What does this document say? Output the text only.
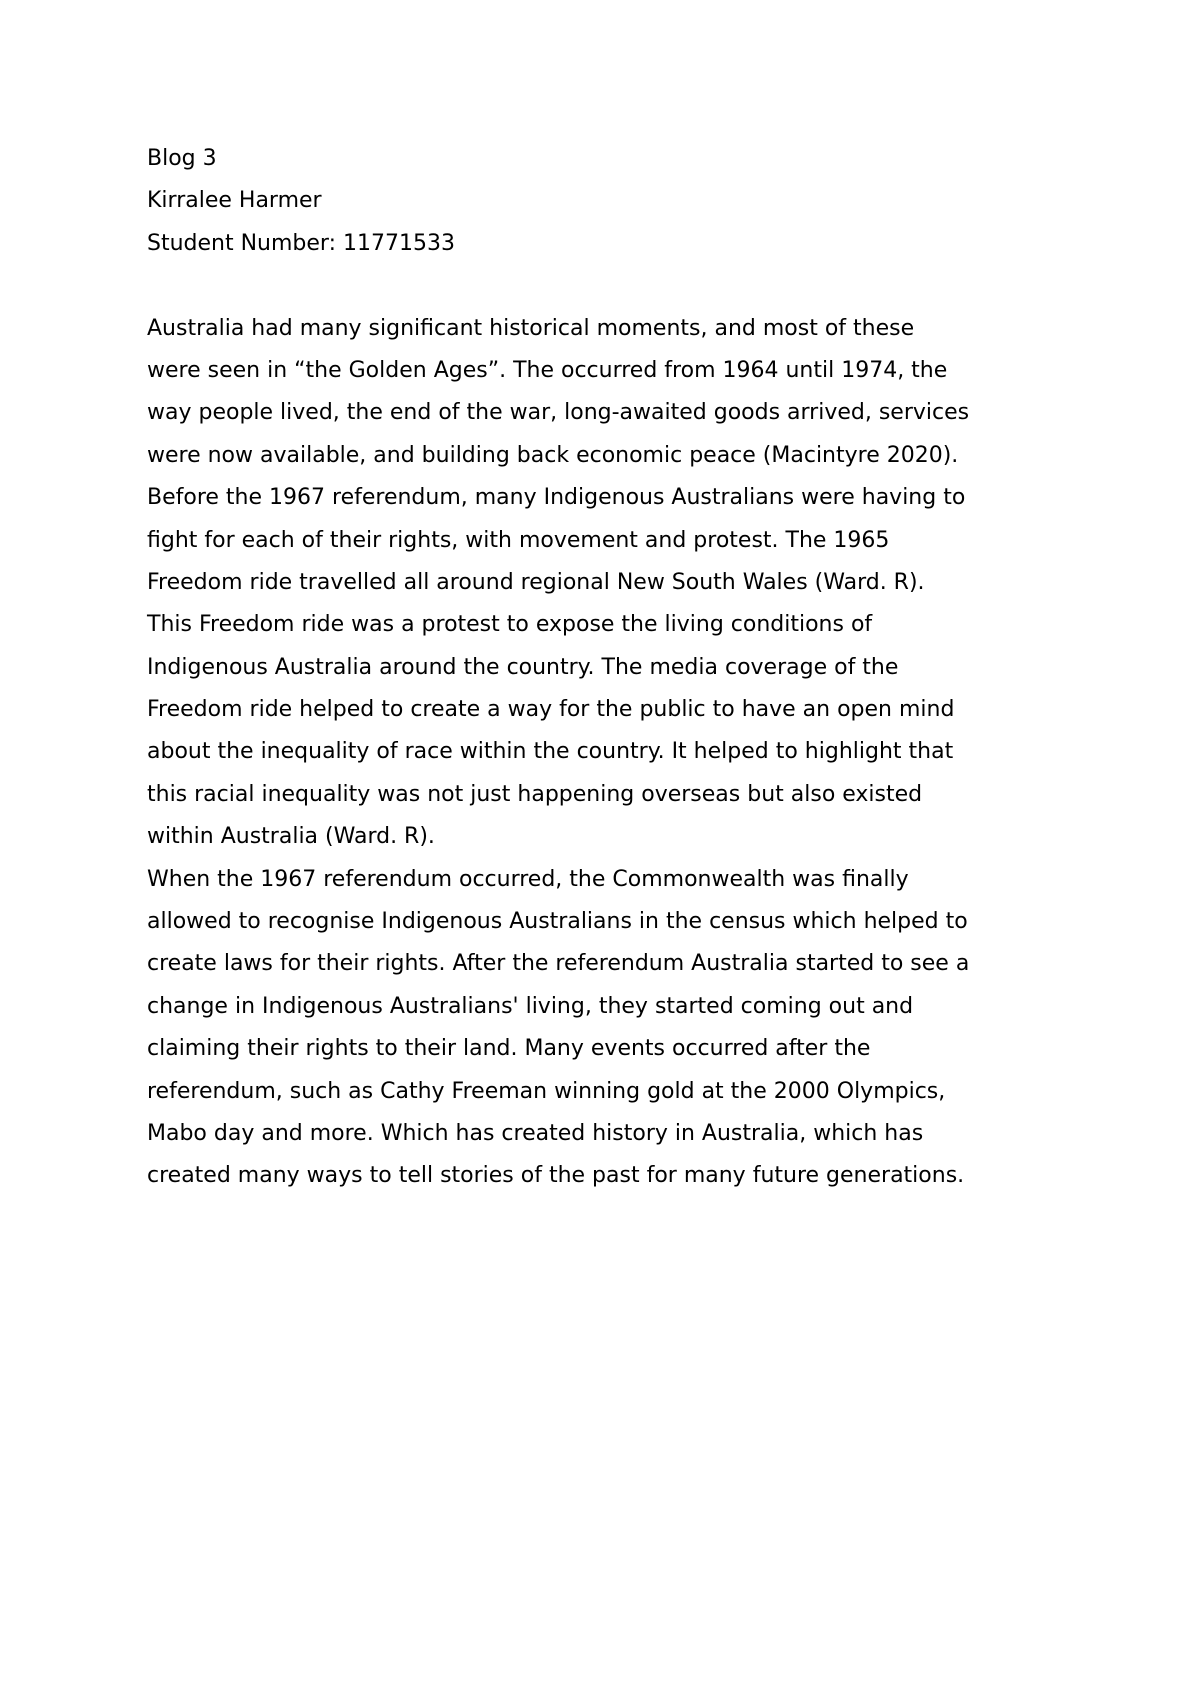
Blog 3
Kirralee Harmer
Student Number: 11771533
Australia had many significant historical moments, and most of these
were seen in “the Golden Ages”. The occurred from 1964 until 1974, the
way people lived, the end of the war, long-awaited goods arrived, services
were now available, and building back economic peace (Macintyre 2020).
Before the 1967 referendum, many Indigenous Australians were having to
fight for each of their rights, with movement and protest. The 1965
Freedom ride travelled all around regional New South Wales (Ward. R).
This Freedom ride was a protest to expose the living conditions of
Indigenous Australia around the country. The media coverage of the
Freedom ride helped to create a way for the public to have an open mind
about the inequality of race within the country. It helped to highlight that
this racial inequality was not just happening overseas but also existed
within Australia (Ward. R).
When the 1967 referendum occurred, the Commonwealth was finally
allowed to recognise Indigenous Australians in the census which helped to
create laws for their rights. After the referendum Australia started to see a
change in Indigenous Australians' living, they started coming out and
claiming their rights to their land. Many events occurred after the
referendum, such as Cathy Freeman winning gold at the 2000 Olympics,
Mabo day and more. Which has created history in Australia, which has
created many ways to tell stories of the past for many future generations.
